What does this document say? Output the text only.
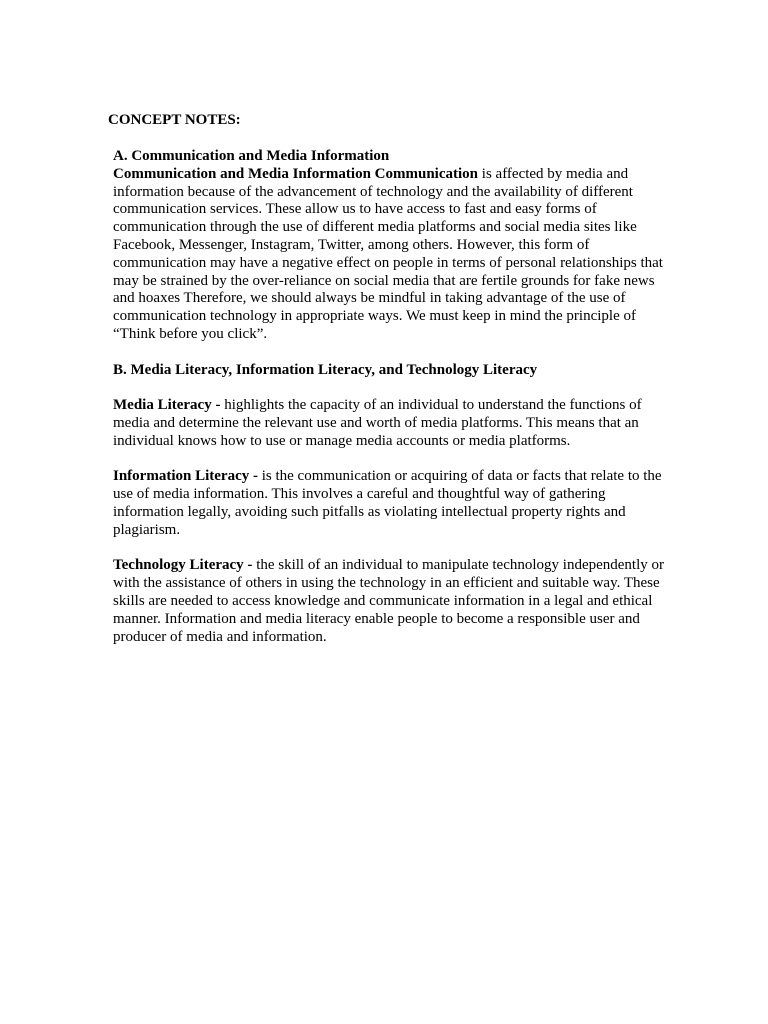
CONCEPT NOTES:

A. Communication and Media Information

Communication and Media Information Communication is affected by media and information because of the advancement of technology and the availability of different communication services. These allow us to have access to fast and easy forms of communication through the use of different media platforms and social media sites like Facebook, Messenger, Instagram, Twitter, among others. However, this form of communication may have a negative effect on people in terms of personal relationships that may be strained by the over-reliance on social media that are fertile grounds for fake news and hoaxes Therefore, we should always be mindful in taking advantage of the use of communication technology in appropriate ways. We must keep in mind the principle of “Think before you click”.

B. Media Literacy, Information Literacy, and Technology Literacy

Media Literacy - highlights the capacity of an individual to understand the functions of media and determine the relevant use and worth of media platforms. This means that an individual knows how to use or manage media accounts or media platforms.

Information Literacy - is the communication or acquiring of data or facts that relate to the use of media information. This involves a careful and thoughtful way of gathering information legally, avoiding such pitfalls as violating intellectual property rights and plagiarism.

Technology Literacy - the skill of an individual to manipulate technology independently or with the assistance of others in using the technology in an efficient and suitable way. These skills are needed to access knowledge and communicate information in a legal and ethical manner. Information and media literacy enable people to become a responsible user and producer of media and information.
